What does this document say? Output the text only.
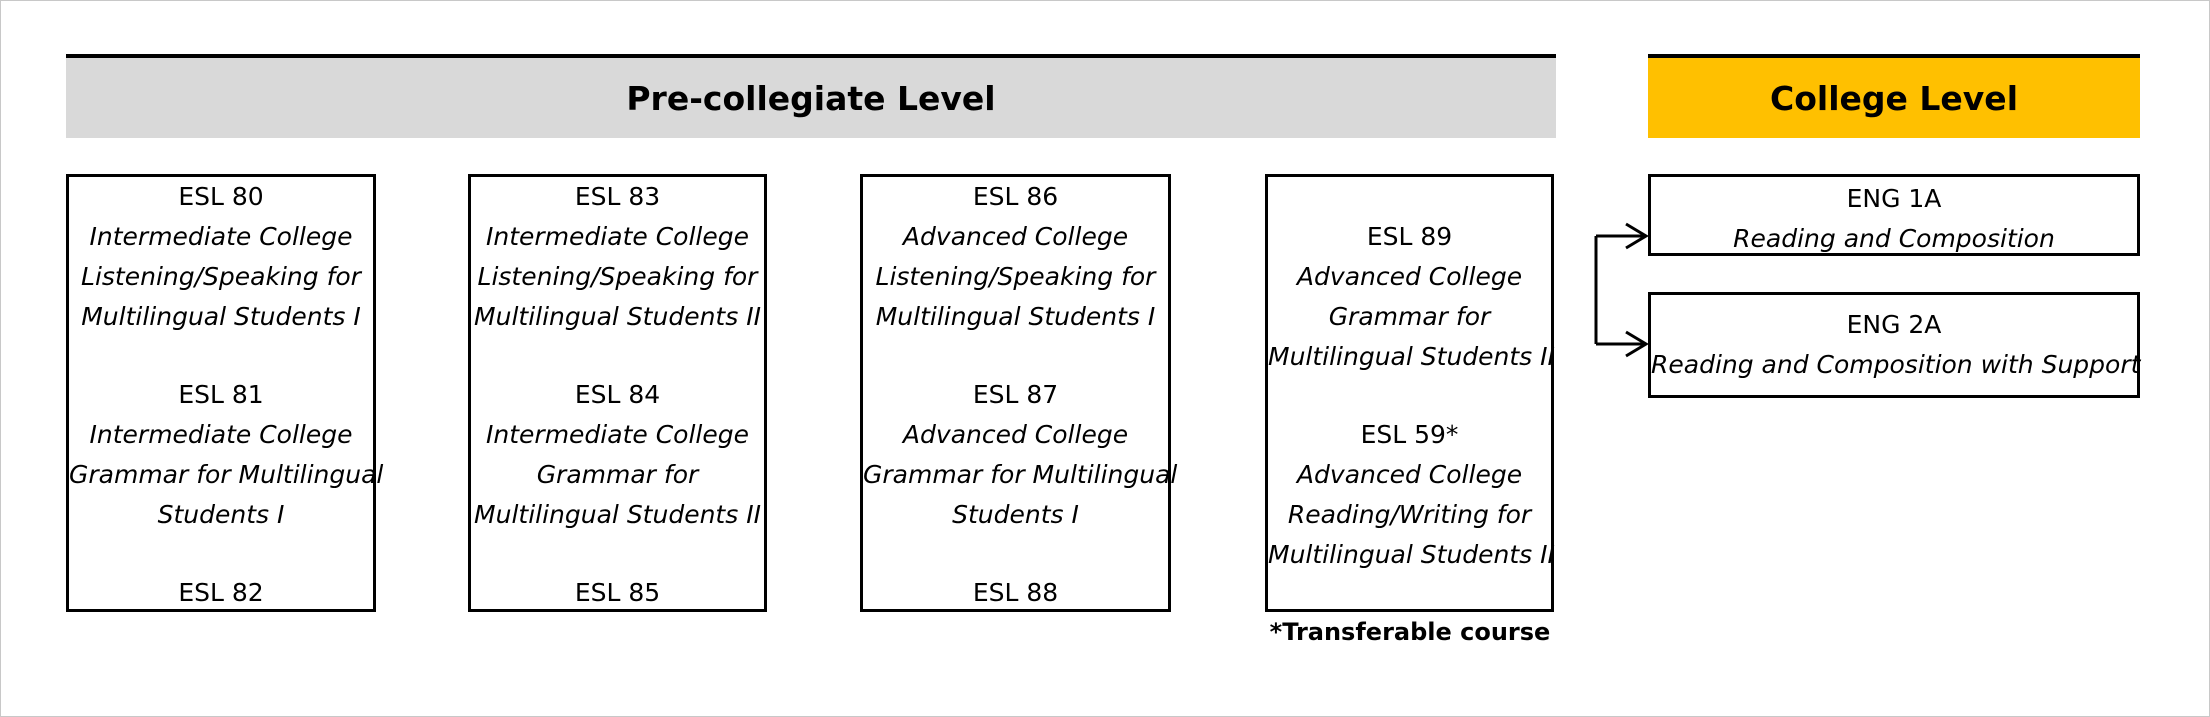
Pre-collegiate Level	College Level
ESL 80
Intermediate College
Listening/Speaking for
Multilingual Students I
ESL 81
Intermediate College
Grammar for Multilingual
Students I
ESL 82
ESL 83
Intermediate College
Listening/Speaking for
Multilingual Students II
ESL 84
Intermediate College
Grammar for
Multilingual Students II
ESL 85
ESL 86
Advanced College
Listening/Speaking for
Multilingual Students I
ESL 87
Advanced College
Grammar for Multilingual
Students I
ESL 88
ESL 89
Advanced College
Grammar for
Multilingual Students II
ESL 59*
Advanced College
Reading/Writing for
Multilingual Students II
*Transferable course
ENG 1A
Reading and Composition
ENG 2A
Reading and Composition with Support
